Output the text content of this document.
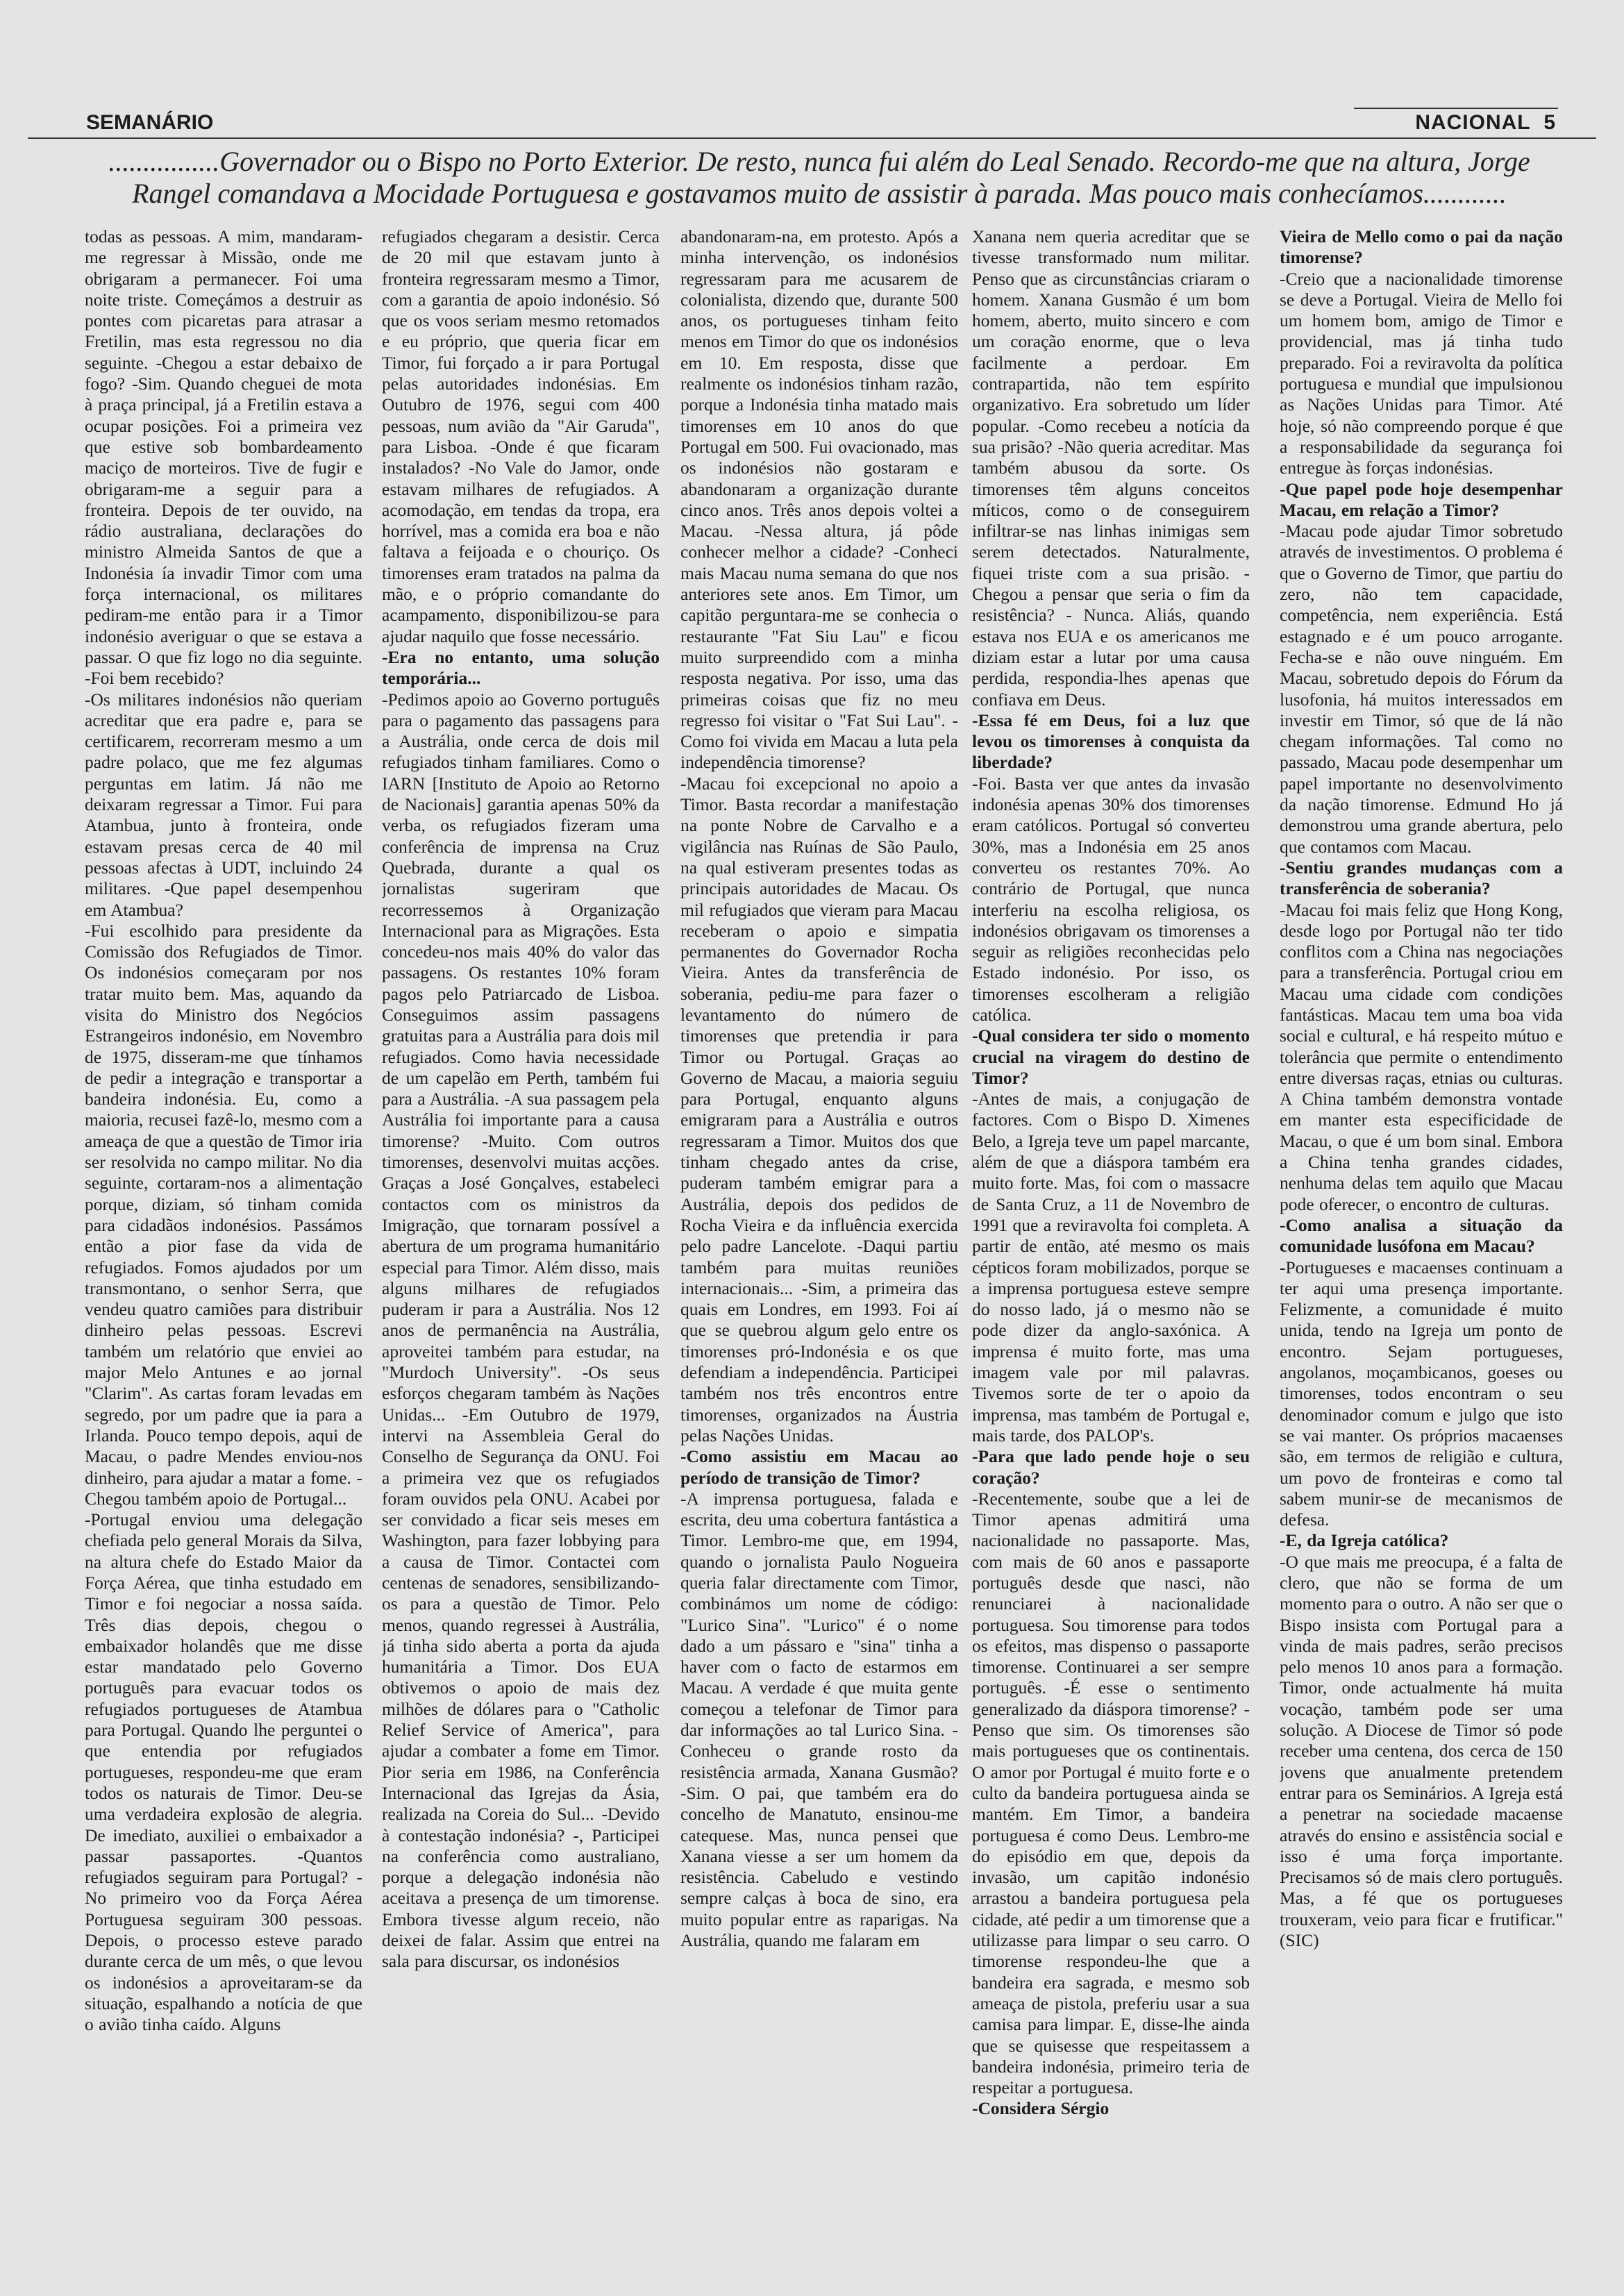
SEMANÁRIO	NACIONAL 5
................Governador ou o Bispo no Porto Exterior. De resto, nunca fui além do Leal Senado. Recordo-me que na altura, Jorge Rangel comandava a Mocidade Portuguesa e gostavamos muito de assistir à parada. Mas pouco mais conhecíamos............

todas as pessoas. A mim, mandaram-me regressar à Missão, onde me obrigaram a permanecer. Foi uma noite triste. Começámos a destruir as pontes com picaretas para atrasar a Fretilin, mas esta regressou no dia seguinte. -Chegou a estar debaixo de fogo? -Sim. Quando cheguei de mota à praça principal, já a Fretilin estava a ocupar posições. Foi a primeira vez que estive sob bombardeamento maciço de morteiros. Tive de fugir e obrigaram-me a seguir para a fronteira. Depois de ter ouvido, na rádio australiana, declarações do ministro Almeida Santos de que a Indonésia ía invadir Timor com uma força internacional, os militares pediram-me então para ir a Timor indonésio averiguar o que se estava a passar. O que fiz logo no dia seguinte. -Foi bem recebido?

-Os militares indonésios não queriam acreditar que era padre e, para se certificarem, recorreram mesmo a um padre polaco, que me fez algumas perguntas em latim. Já não me deixaram regressar a Timor. Fui para Atambua, junto à fronteira, onde estavam presas cerca de 40 mil pessoas afectas à UDT, incluindo 24 militares. -Que papel desempenhou em Atambua?

-Fui escolhido para presidente da Comissão dos Refugiados de Timor. Os indonésios começaram por nos tratar muito bem. Mas, aquando da visita do Ministro dos Negócios Estrangeiros indonésio, em Novembro de 1975, disseram-me que tínhamos de pedir a integração e transportar a bandeira indonésia. Eu, como a maioria, recusei fazê-lo, mesmo com a ameaça de que a questão de Timor iria ser resolvida no campo militar. No dia seguinte, cortaram-nos a alimentação porque, diziam, só tinham comida para cidadãos indonésios. Passámos então a pior fase da vida de refugiados. Fomos ajudados por um transmontano, o senhor Serra, que vendeu quatro camiões para distribuir dinheiro pelas pessoas. Escrevi também um relatório que enviei ao major Melo Antunes e ao jornal "Clarim". As cartas foram levadas em segredo, por um padre que ia para a Irlanda. Pouco tempo depois, aqui de Macau, o padre Mendes enviou-nos dinheiro, para ajudar a matar a fome. -Chegou também apoio de Portugal...

-Portugal enviou uma delegação chefiada pelo general Morais da Silva, na altura chefe do Estado Maior da Força Aérea, que tinha estudado em Timor e foi negociar a nossa saída. Três dias depois, chegou o embaixador holandês que me disse estar mandatado pelo Governo português para evacuar todos os refugiados portugueses de Atambua para Portugal. Quando lhe perguntei o que entendia por refugiados portugueses, respondeu-me que eram todos os naturais de Timor. Deu-se uma verdadeira explosão de alegria. De imediato, auxiliei o embaixador a passar passaportes. -Quantos refugiados seguiram para Portugal? - No primeiro voo da Força Aérea Portuguesa seguiram 300 pessoas. Depois, o processo esteve parado durante cerca de um mês, o que levou os indonésios a aproveitaram-se da situação, espalhando a notícia de que o avião tinha caído. Alguns

refugiados chegaram a desistir. Cerca de 20 mil que estavam junto à fronteira regressaram mesmo a Timor, com a garantia de apoio indonésio. Só que os voos seriam mesmo retomados e eu próprio, que queria ficar em Timor, fui forçado a ir para Portugal pelas autoridades indonésias. Em Outubro de 1976, segui com 400 pessoas, num avião da "Air Garuda", para Lisboa. -Onde é que ficaram instalados? -No Vale do Jamor, onde estavam milhares de refugiados. A acomodação, em tendas da tropa, era horrível, mas a comida era boa e não faltava a feijoada e o chouriço. Os timorenses eram tratados na palma da mão, e o próprio comandante do acampamento, disponibilizou-se para ajudar naquilo que fosse necessário.

-Era no entanto, uma solução temporária...

-Pedimos apoio ao Governo português para o pagamento das passagens para a Austrália, onde cerca de dois mil refugiados tinham familiares. Como o IARN [Instituto de Apoio ao Retorno de Nacionais] garantia apenas 50% da verba, os refugiados fizeram uma conferência de imprensa na Cruz Quebrada, durante a qual os jornalistas sugeriram que recorressemos à Organização Internacional para as Migrações. Esta concedeu-nos mais 40% do valor das passagens. Os restantes 10% foram pagos pelo Patriarcado de Lisboa. Conseguimos assim passagens gratuitas para a Austrália para dois mil refugiados. Como havia necessidade de um capelão em Perth, também fui para a Austrália. -A sua passagem pela Austrália foi importante para a causa timorense? -Muito. Com outros timorenses, desenvolvi muitas acções. Graças a José Gonçalves, estabeleci contactos com os ministros da Imigração, que tornaram possível a abertura de um programa humanitário especial para Timor. Além disso, mais alguns milhares de refugiados puderam ir para a Austrália. Nos 12 anos de permanência na Austrália, aproveitei também para estudar, na "Murdoch University". -Os seus esforços chegaram também às Nações Unidas... -Em Outubro de 1979, intervi na Assembleia Geral do Conselho de Segurança da ONU. Foi a primeira vez que os refugiados foram ouvidos pela ONU. Acabei por ser convidado a ficar seis meses em Washington, para fazer lobbying para a causa de Timor. Contactei com centenas de senadores, sensibilizando-os para a questão de Timor. Pelo menos, quando regressei à Austrália, já tinha sido aberta a porta da ajuda humanitária a Timor. Dos EUA obtivemos o apoio de mais dez milhões de dólares para o "Catholic Relief Service of America", para ajudar a combater a fome em Timor. Pior seria em 1986, na Conferência Internacional das Igrejas da Ásia, realizada na Coreia do Sul... -Devido à contestação indonésia? -, Participei na conferência como australiano, porque a delegação indonésia não aceitava a presença de um timorense. Embora tivesse algum receio, não deixei de falar. Assim que entrei na sala para discursar, os indonésios

abandonaram-na, em protesto. Após a minha intervenção, os indonésios regressaram para me acusarem de colonialista, dizendo que, durante 500 anos, os portugueses tinham feito menos em Timor do que os indonésios em 10. Em resposta, disse que realmente os indonésios tinham razão, porque a Indonésia tinha matado mais timorenses em 10 anos do que Portugal em 500. Fui ovacionado, mas os indonésios não gostaram e abandonaram a organização durante cinco anos. Três anos depois voltei a Macau. -Nessa altura, já pôde conhecer melhor a cidade? -Conheci mais Macau numa semana do que nos anteriores sete anos. Em Timor, um capitão perguntara-me se conhecia o restaurante "Fat Siu Lau" e ficou muito surpreendido com a minha resposta negativa. Por isso, uma das primeiras coisas que fiz no meu regresso foi visitar o "Fat Sui Lau". -Como foi vivida em Macau a luta pela independência timorense?

-Macau foi excepcional no apoio a Timor. Basta recordar a manifestação na ponte Nobre de Carvalho e a vigilância nas Ruínas de São Paulo, na qual estiveram presentes todas as principais autoridades de Macau. Os mil refugiados que vieram para Macau receberam o apoio e simpatia permanentes do Governador Rocha Vieira. Antes da transferência de soberania, pediu-me para fazer o levantamento do número de timorenses que pretendia ir para Timor ou Portugal. Graças ao Governo de Macau, a maioria seguiu para Portugal, enquanto alguns emigraram para a Austrália e outros regressaram a Timor. Muitos dos que tinham chegado antes da crise, puderam também emigrar para a Austrália, depois dos pedidos de Rocha Vieira e da influência exercida pelo padre Lancelote. -Daqui partiu também para muitas reuniões internacionais... -Sim, a primeira das quais em Londres, em 1993. Foi aí que se quebrou algum gelo entre os timorenses pró-Indonésia e os que defendiam a independência. Participei também nos três encontros entre timorenses, organizados na Áustria pelas Nações Unidas.

-Como assistiu em Macau ao período de transição de Timor?

-A imprensa portuguesa, falada e escrita, deu uma cobertura fantástica a Timor. Lembro-me que, em 1994, quando o jornalista Paulo Nogueira queria falar directamente com Timor, combinámos um nome de código: "Lurico Sina". "Lurico" é o nome dado a um pássaro e "sina" tinha a haver com o facto de estarmos em Macau. A verdade é que muita gente começou a telefonar de Timor para dar informações ao tal Lurico Sina. -Conheceu o grande rosto da resistência armada, Xanana Gusmão? -Sim. O pai, que também era do concelho de Manatuto, ensinou-me catequese. Mas, nunca pensei que Xanana viesse a ser um homem da resistência. Cabeludo e vestindo sempre calças à boca de sino, era muito popular entre as raparigas. Na Austrália, quando me falaram em

Xanana nem queria acreditar que se tivesse transformado num militar. Penso que as circunstâncias criaram o homem. Xanana Gusmão é um bom homem, aberto, muito sincero e com um coração enorme, que o leva facilmente a perdoar. Em contrapartida, não tem espírito organizativo. Era sobretudo um líder popular. -Como recebeu a notícia da sua prisão? -Não queria acreditar. Mas também abusou da sorte. Os timorenses têm alguns conceitos míticos, como o de conseguirem infiltrar-se nas linhas inimigas sem serem detectados. Naturalmente, fiquei triste com a sua prisão. -Chegou a pensar que seria o fim da resistência? - Nunca. Aliás, quando estava nos EUA e os americanos me diziam estar a lutar por uma causa perdida, respondia-lhes apenas que confiava em Deus.

-Essa fé em Deus, foi a luz que levou os timorenses à conquista da liberdade?

-Foi. Basta ver que antes da invasão indonésia apenas 30% dos timorenses eram católicos. Portugal só converteu 30%, mas a Indonésia em 25 anos converteu os restantes 70%. Ao contrário de Portugal, que nunca interferiu na escolha religiosa, os indonésios obrigavam os timorenses a seguir as religiões reconhecidas pelo Estado indonésio. Por isso, os timorenses escolheram a religião católica.

-Qual considera ter sido o momento crucial na viragem do destino de Timor?

-Antes de mais, a conjugação de factores. Com o Bispo D. Ximenes Belo, a Igreja teve um papel marcante, além de que a diáspora também era muito forte. Mas, foi com o massacre de Santa Cruz, a 11 de Novembro de 1991 que a reviravolta foi completa. A partir de então, até mesmo os mais cépticos foram mobilizados, porque se a imprensa portuguesa esteve sempre do nosso lado, já o mesmo não se pode dizer da anglo-saxónica. A imprensa é muito forte, mas uma imagem vale por mil palavras. Tivemos sorte de ter o apoio da imprensa, mas também de Portugal e, mais tarde, dos PALOP's.

-Para que lado pende hoje o seu coração?

-Recentemente, soube que a lei de Timor apenas admitirá uma nacionalidade no passaporte. Mas, com mais de 60 anos e passaporte português desde que nasci, não renunciarei à nacionalidade portuguesa. Sou timorense para todos os efeitos, mas dispenso o passaporte timorense. Continuarei a ser sempre português. -É esse o sentimento generalizado da diáspora timorense? -Penso que sim. Os timorenses são mais portugueses que os continentais. O amor por Portugal é muito forte e o culto da bandeira portuguesa ainda se mantém. Em Timor, a bandeira portuguesa é como Deus. Lembro-me do episódio em que, depois da invasão, um capitão indonésio arrastou a bandeira portuguesa pela cidade, até pedir a um timorense que a utilizasse para limpar o seu carro. O timorense respondeu-lhe que a bandeira era sagrada, e mesmo sob ameaça de pistola, preferiu usar a sua camisa para limpar. E, disse-lhe ainda que se quisesse que respeitassem a bandeira indonésia, primeiro teria de respeitar a portuguesa.

-Considera Sérgio

Vieira de Mello como o pai da nação timorense?

-Creio que a nacionalidade timorense se deve a Portugal. Vieira de Mello foi um homem bom, amigo de Timor e providencial, mas já tinha tudo preparado. Foi a reviravolta da política portuguesa e mundial que impulsionou as Nações Unidas para Timor. Até hoje, só não compreendo porque é que a responsabilidade da segurança foi entregue às forças indonésias.

-Que papel pode hoje desempenhar Macau, em relação a Timor?

-Macau pode ajudar Timor sobretudo através de investimentos. O problema é que o Governo de Timor, que partiu do zero, não tem capacidade, competência, nem experiência. Está estagnado e é um pouco arrogante. Fecha-se e não ouve ninguém. Em Macau, sobretudo depois do Fórum da lusofonia, há muitos interessados em investir em Timor, só que de lá não chegam informações. Tal como no passado, Macau pode desempenhar um papel importante no desenvolvimento da nação timorense. Edmund Ho já demonstrou uma grande abertura, pelo que contamos com Macau.

-Sentiu grandes mudanças com a transferência de soberania?

-Macau foi mais feliz que Hong Kong, desde logo por Portugal não ter tido conflitos com a China nas negociações para a transferência. Portugal criou em Macau uma cidade com condições fantásticas. Macau tem uma boa vida social e cultural, e há respeito mútuo e tolerância que permite o entendimento entre diversas raças, etnias ou culturas. A China também demonstra vontade em manter esta especificidade de Macau, o que é um bom sinal. Embora a China tenha grandes cidades, nenhuma delas tem aquilo que Macau pode oferecer, o encontro de culturas.

-Como analisa a situação da comunidade lusófona em Macau?

-Portugueses e macaenses continuam a ter aqui uma presença importante. Felizmente, a comunidade é muito unida, tendo na Igreja um ponto de encontro. Sejam portugueses, angolanos, moçambicanos, goeses ou timorenses, todos encontram o seu denominador comum e julgo que isto se vai manter. Os próprios macaenses são, em termos de religião e cultura, um povo de fronteiras e como tal sabem munir-se de mecanismos de defesa.

-E, da Igreja católica?

-O que mais me preocupa, é a falta de clero, que não se forma de um momento para o outro. A não ser que o Bispo insista com Portugal para a vinda de mais padres, serão precisos pelo menos 10 anos para a formação. Timor, onde actualmente há muita vocação, também pode ser uma solução. A Diocese de Timor só pode receber uma centena, dos cerca de 150 jovens que anualmente pretendem entrar para os Seminários. A Igreja está a penetrar na sociedade macaense através do ensino e assistência social e isso é uma força importante. Precisamos só de mais clero português. Mas, a fé que os portugueses trouxeram, veio para ficar e frutificar." (SIC)
